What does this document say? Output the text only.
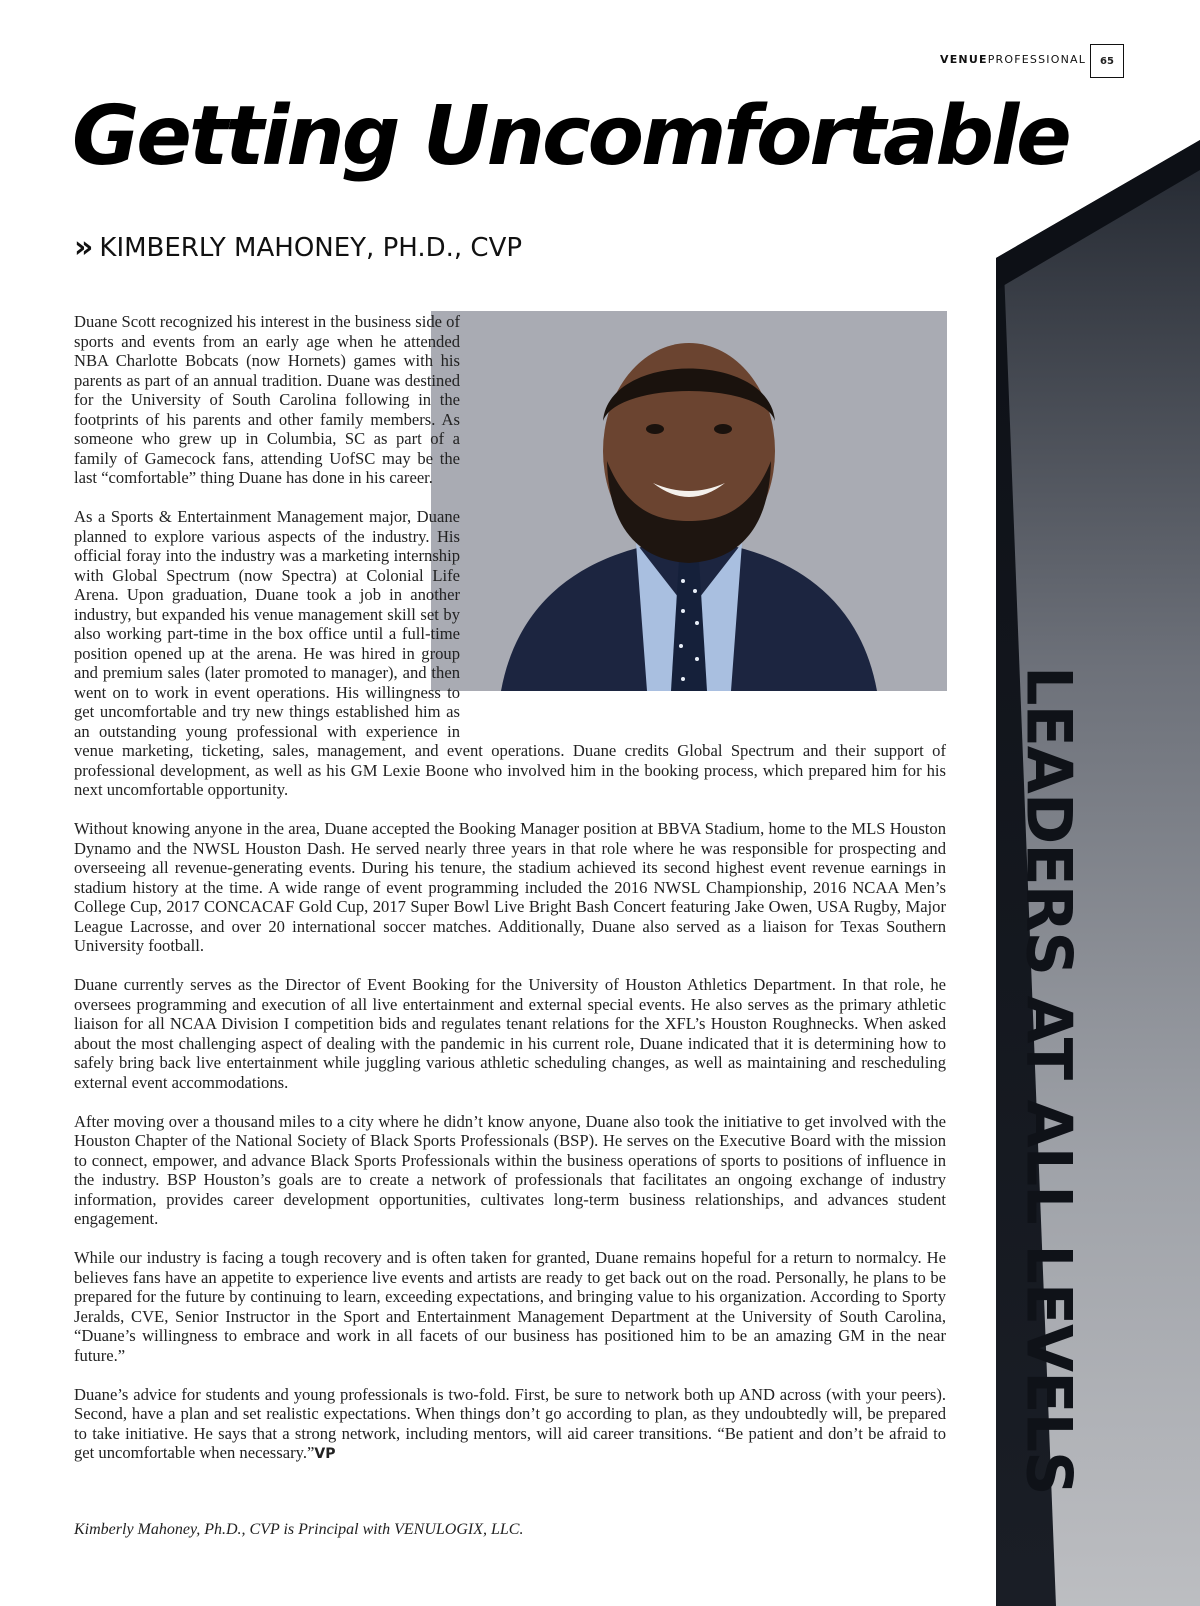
VENUEPROFESSIONAL	65
Getting Uncomfortable
» KIMBERLY MAHONEY, PH.D., CVP
LEADERS AT ALL LEVELS

Duane Scott recognized his interest in the business side of sports and events from an early age when he attended NBA Charlotte Bobcats (now Hornets) games with his parents as part of an annual tradition. Duane was destined for the University of South Carolina following in the footprints of his parents and other family members. As someone who grew up in Columbia, SC as part of a family of Gamecock fans, attending UofSC may be the last “comfortable” thing Duane has done in his career.

As a Sports & Entertainment Management major, Duane planned to explore various aspects of the industry. His official foray into the industry was a marketing internship with Global Spectrum (now Spectra) at Colonial Life Arena. Upon graduation, Duane took a job in another industry, but expanded his venue management skill set by also working part-time in the box office until a full-time position opened up at the arena. He was hired in group and premium sales (later promoted to manager), and then went on to work in event operations. His willingness to get uncomfortable and try new things established him as an outstanding young professional with experience in venue marketing, ticketing, sales, management, and event operations. Duane credits Global Spectrum and their support of professional development, as well as his GM Lexie Boone who involved him in the booking process, which prepared him for his next uncomfortable opportunity.

Without knowing anyone in the area, Duane accepted the Booking Manager position at BBVA Stadium, home to the MLS Houston Dynamo and the NWSL Houston Dash. He served nearly three years in that role where he was responsible for prospecting and overseeing all revenue-generating events. During his tenure, the stadium achieved its second highest event revenue earnings in stadium history at the time. A wide range of event programming included the 2016 NWSL Championship, 2016 NCAA Men’s College Cup, 2017 CONCACAF Gold Cup, 2017 Super Bowl Live Bright Bash Concert featuring Jake Owen, USA Rugby, Major League Lacrosse, and over 20 international soccer matches. Additionally, Duane also served as a liaison for Texas Southern University football.

Duane currently serves as the Director of Event Booking for the University of Houston Athletics Department. In that role, he oversees programming and execution of all live entertainment and external special events. He also serves as the primary athletic liaison for all NCAA Division I competition bids and regulates tenant relations for the XFL’s Houston Roughnecks. When asked about the most challenging aspect of dealing with the pandemic in his current role, Duane indicated that it is determining how to safely bring back live entertainment while juggling various athletic scheduling changes, as well as maintaining and rescheduling external event accommodations.

After moving over a thousand miles to a city where he didn’t know anyone, Duane also took the initiative to get involved with the Houston Chapter of the National Society of Black Sports Professionals (BSP). He serves on the Executive Board with the mission to connect, empower, and advance Black Sports Professionals within the business operations of sports to positions of influence in the industry. BSP Houston’s goals are to create a network of professionals that facilitates an ongoing exchange of industry information, provides career development opportunities, cultivates long-term business relationships, and advances student engagement.

While our industry is facing a tough recovery and is often taken for granted, Duane remains hopeful for a return to normalcy. He believes fans have an appetite to experience live events and artists are ready to get back out on the road. Personally, he plans to be prepared for the future by continuing to learn, exceeding expectations, and bringing value to his organization. According to Sporty Jeralds, CVE, Senior Instructor in the Sport and Entertainment Management Department at the University of South Carolina, “Duane’s willingness to embrace and work in all facets of our business has positioned him to be an amazing GM in the near future.”

Duane’s advice for students and young professionals is two-fold. First, be sure to network both up AND across (with your peers). Second, have a plan and set realistic expectations. When things don’t go according to plan, as they undoubtedly will, be prepared to take initiative. He says that a strong network, including mentors, will aid career transitions. “Be patient and don’t be afraid to get uncomfortable when necessary.”VP

Kimberly Mahoney, Ph.D., CVP is Principal with VENULOGIX, LLC.
